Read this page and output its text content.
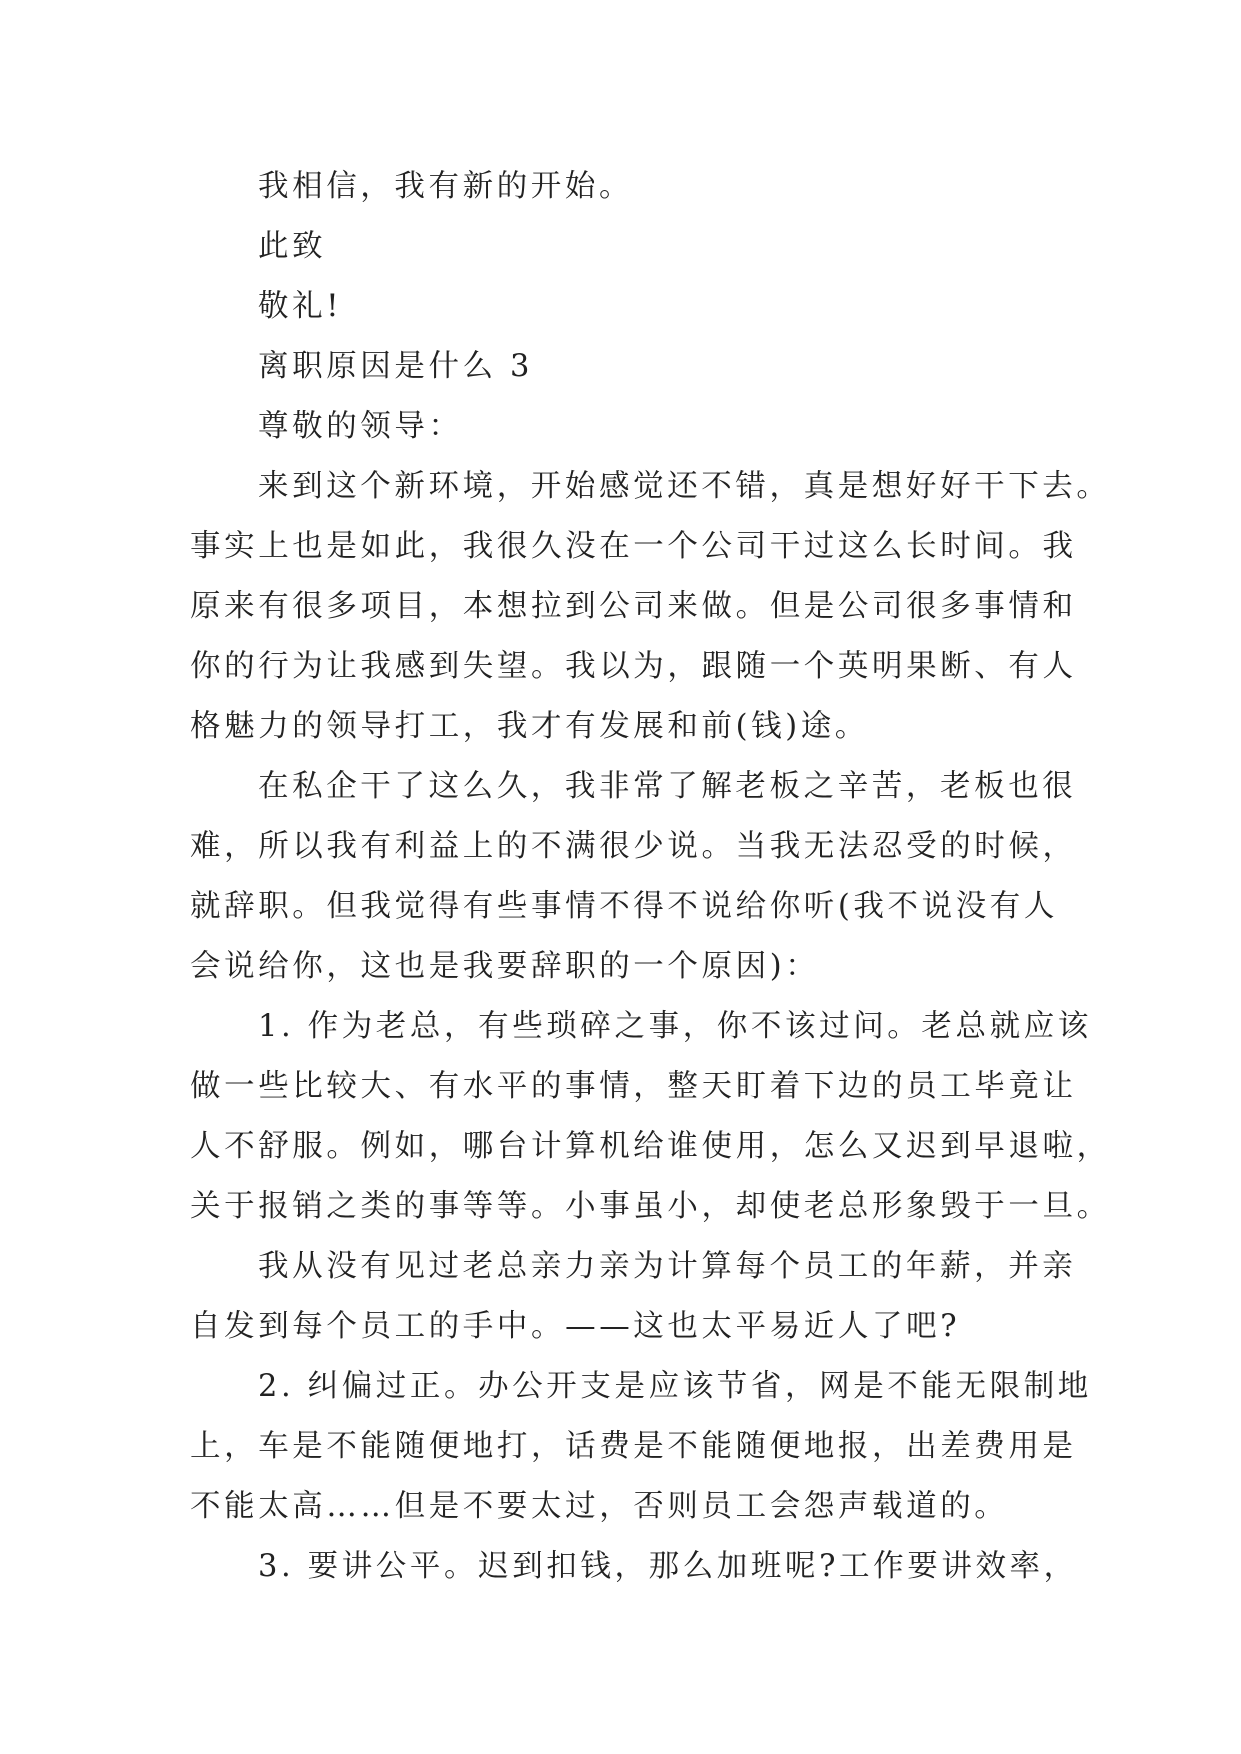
我相信，我有新的开始。

此致

敬礼!

离职原因是什么 3

尊敬的领导：

来到这个新环境，开始感觉还不错，真是想好好干下去。

事实上也是如此，我很久没在一个公司干过这么长时间。我

原来有很多项目，本想拉到公司来做。但是公司很多事情和

你的行为让我感到失望。我以为，跟随一个英明果断、有人

格魅力的领导打工，我才有发展和前(钱)途。

在私企干了这么久，我非常了解老板之辛苦，老板也很

难，所以我有利益上的不满很少说。当我无法忍受的时候，

就辞职。但我觉得有些事情不得不说给你听(我不说没有人

会说给你，这也是我要辞职的一个原因)：

1. 作为老总，有些琐碎之事，你不该过问。老总就应该

做一些比较大、有水平的事情，整天盯着下边的员工毕竟让

人不舒服。例如，哪台计算机给谁使用，怎么又迟到早退啦，

关于报销之类的事等等。小事虽小，却使老总形象毁于一旦。

我从没有见过老总亲力亲为计算每个员工的年薪，并亲

自发到每个员工的手中。——这也太平易近人了吧?

2. 纠偏过正。办公开支是应该节省，网是不能无限制地

上，车是不能随便地打，话费是不能随便地报，出差费用是

不能太高……但是不要太过，否则员工会怨声载道的。

3. 要讲公平。迟到扣钱，那么加班呢?工作要讲效率，
